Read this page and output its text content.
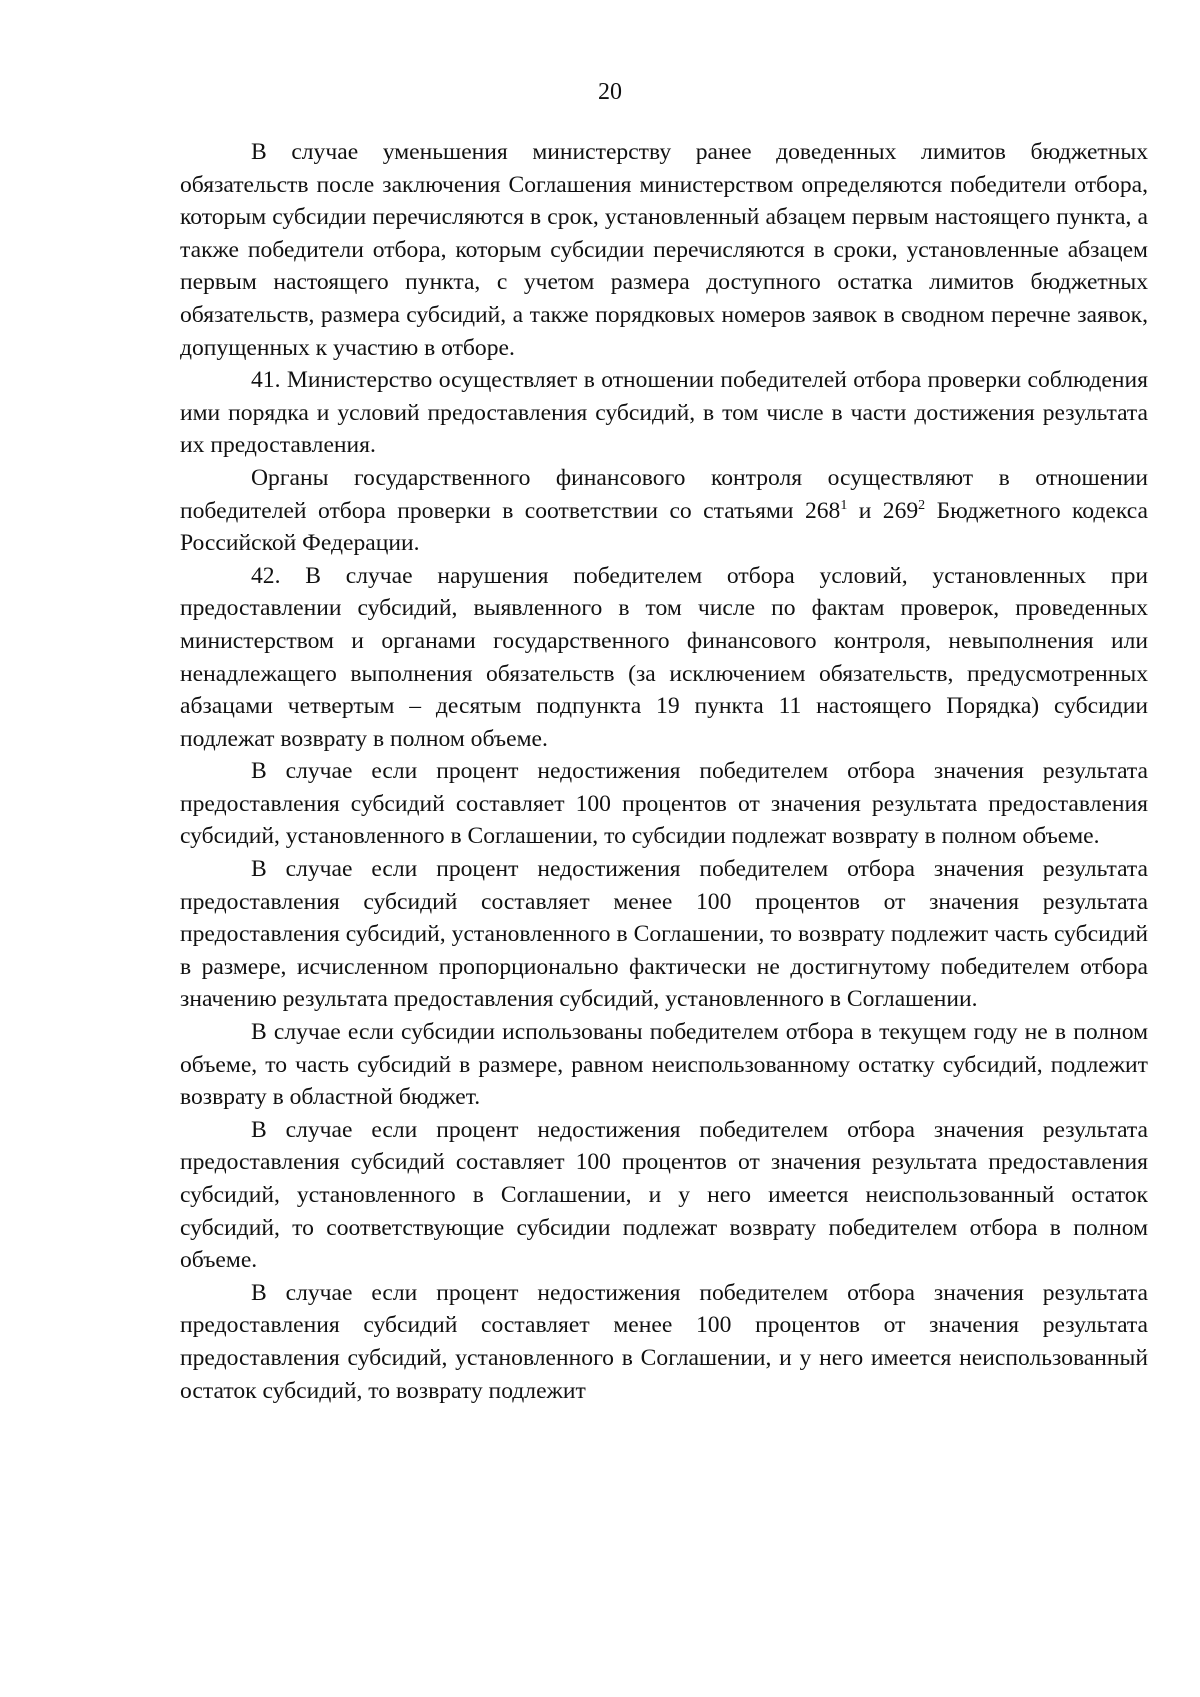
20

В случае уменьшения министерству ранее доведенных лимитов бюджетных обязательств после заключения Соглашения министерством определяются победители отбора, которым субсидии перечисляются в срок, установленный абзацем первым настоящего пункта, а также победители отбора, которым субсидии перечисляются в сроки, установленные абзацем первым настоящего пункта, с учетом размера доступного остатка лимитов бюджетных обязательств, размера субсидий, а также порядковых номеров заявок в сводном перечне заявок, допущенных к участию в отборе.

41. Министерство осуществляет в отношении победителей отбора проверки соблюдения ими порядка и условий предоставления субсидий, в том числе в части достижения результата их предоставления.

Органы государственного финансового контроля осуществляют в отношении победителей отбора проверки в соответствии со статьями $268^1$ и $269^2$ Бюджетного кодекса Российской Федерации.

42. В случае нарушения победителем отбора условий, установленных при предоставлении субсидий, выявленного в том числе по фактам проверок, проведенных министерством и органами государственного финансового контроля, невыполнения или ненадлежащего выполнения обязательств (за исключением обязательств, предусмотренных абзацами четвертым – десятым подпункта 19 пункта 11 настоящего Порядка) субсидии подлежат возврату в полном объеме.

В случае если процент недостижения победителем отбора значения результата предоставления субсидий составляет 100 процентов от значения результата предоставления субсидий, установленного в Соглашении, то субсидии подлежат возврату в полном объеме.

В случае если процент недостижения победителем отбора значения результата предоставления субсидий составляет менее 100 процентов от значения результата предоставления субсидий, установленного в Соглашении, то возврату подлежит часть субсидий в размере, исчисленном пропорционально фактически не достигнутому победителем отбора значению результата предоставления субсидий, установленного в Соглашении.

В случае если субсидии использованы победителем отбора в текущем году не в полном объеме, то часть субсидий в размере, равном неиспользованному остатку субсидий, подлежит возврату в областной бюджет.

В случае если процент недостижения победителем отбора значения результата предоставления субсидий составляет 100 процентов от значения результата предоставления субсидий, установленного в Соглашении, и у него имеется неиспользованный остаток субсидий, то соответствующие субсидии подлежат возврату победителем отбора в полном объеме.

В случае если процент недостижения победителем отбора значения результата предоставления субсидий составляет менее 100 процентов от значения результата предоставления субсидий, установленного в Соглашении, и у него имеется неиспользованный остаток субсидий, то возврату подлежит
